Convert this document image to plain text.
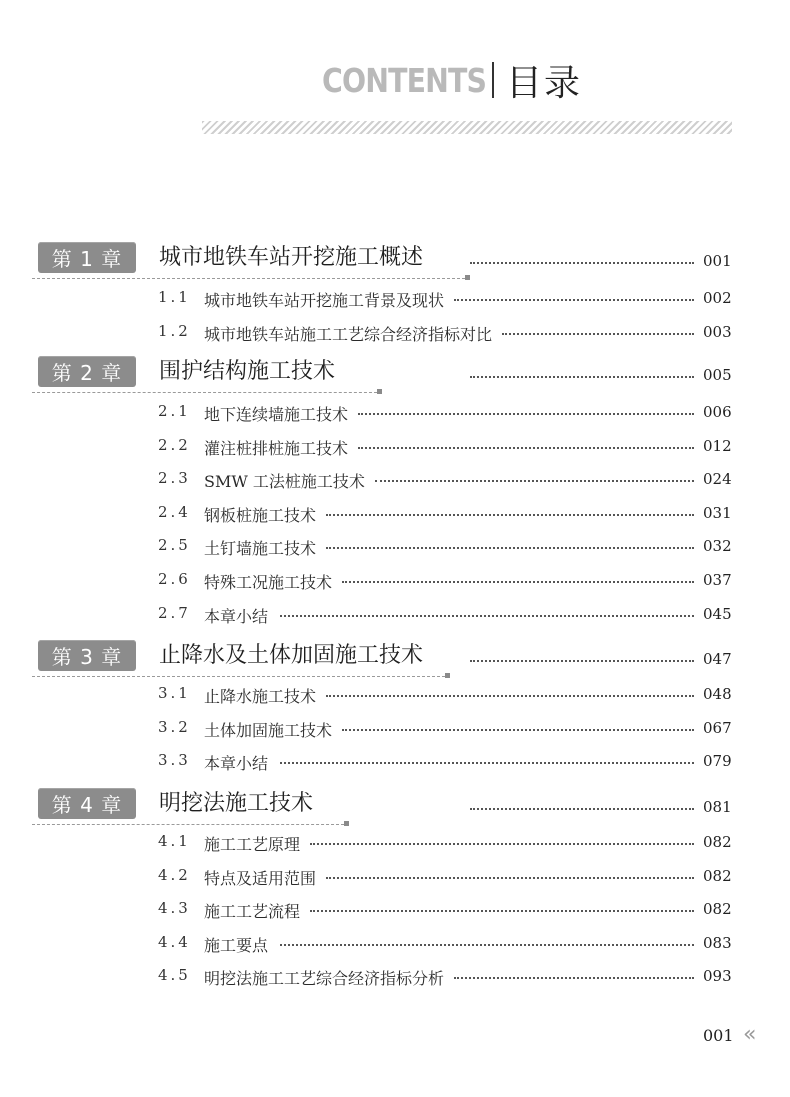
CONTENTS 目录
第 1 章	城市地铁车站开挖施工概述	001
1.1 城市地铁车站开挖施工背景及现状	002
1.2 城市地铁车站施工工艺综合经济指标对比	003
第 2 章	围护结构施工技术	005
2.1 地下连续墙施工技术	006
2.2 灌注桩排桩施工技术	012
2.3 SMW 工法桩施工技术	024
2.4 钢板桩施工技术	031
2.5 土钉墙施工技术	032
2.6 特殊工况施工技术	037
2.7 本章小结	045
第 3 章	止降水及土体加固施工技术	047
3.1 止降水施工技术	048
3.2 土体加固施工技术	067
3.3 本章小结	079
第 4 章	明挖法施工技术	081
4.1 施工工艺原理	082
4.2 特点及适用范围	082
4.3 施工工艺流程	082
4.4 施工要点	083
4.5 明挖法施工工艺综合经济指标分析	093
001 «
